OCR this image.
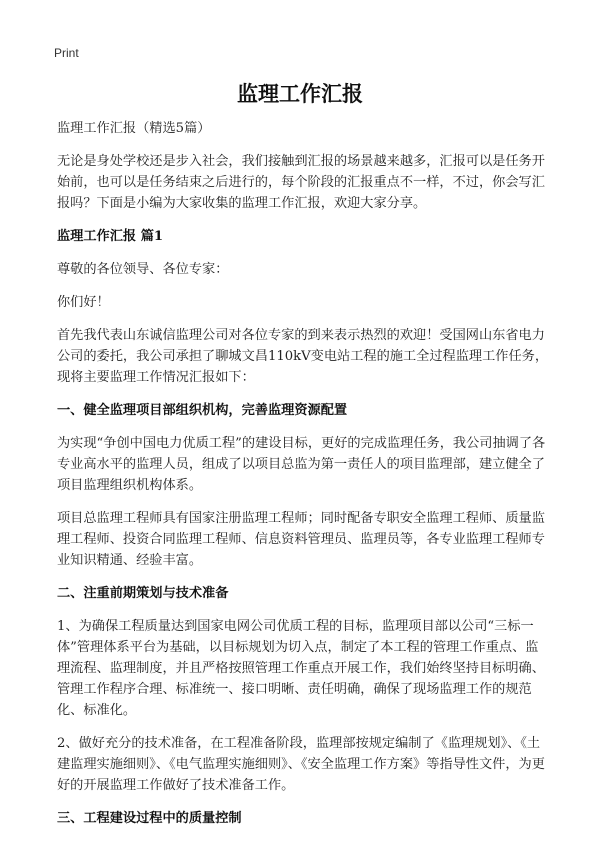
Print
监理工作汇报

监理工作汇报（精选5篇）

无论是身处学校还是步入社会，我们接触到汇报的场景越来越多，汇报可以是任务开始前，也可以是任务结束之后进行的，每个阶段的汇报重点不一样，不过，你会写汇报吗？下面是小编为大家收集的监理工作汇报，欢迎大家分享。

监理工作汇报 篇1

尊敬的各位领导、各位专家：

你们好！

首先我代表山东诚信监理公司对各位专家的到来表示热烈的欢迎！受国网山东省电力公司的委托，我公司承担了聊城文昌110kV变电站工程的施工全过程监理工作任务，现将主要监理工作情况汇报如下：

一、健全监理项目部组织机构，完善监理资源配置

为实现“争创中国电力优质工程”的建设目标，更好的完成监理任务，我公司抽调了各专业高水平的监理人员，组成了以项目总监为第一责任人的项目监理部，建立健全了项目监理组织机构体系。

项目总监理工程师具有国家注册监理工程师；同时配备专职安全监理工程师、质量监理工程师、投资合同监理工程师、信息资料管理员、监理员等，各专业监理工程师专业知识精通、经验丰富。

二、注重前期策划与技术准备

1、为确保工程质量达到国家电网公司优质工程的目标，监理项目部以公司“三标一体”管理体系平台为基础，以目标规划为切入点，制定了本工程的管理工作重点、监理流程、监理制度，并且严格按照管理工作重点开展工作，我们始终坚持目标明确、管理工作程序合理、标准统一、接口明晰、责任明确，确保了现场监理工作的规范化、标准化。

2、做好充分的技术准备，在工程准备阶段，监理部按规定编制了《监理规划》、《土建监理实施细则》、《电气监理实施细则》、《安全监理工作方案》等指导性文件，为更好的开展监理工作做好了技术准备工作。

三、工程建设过程中的质量控制
